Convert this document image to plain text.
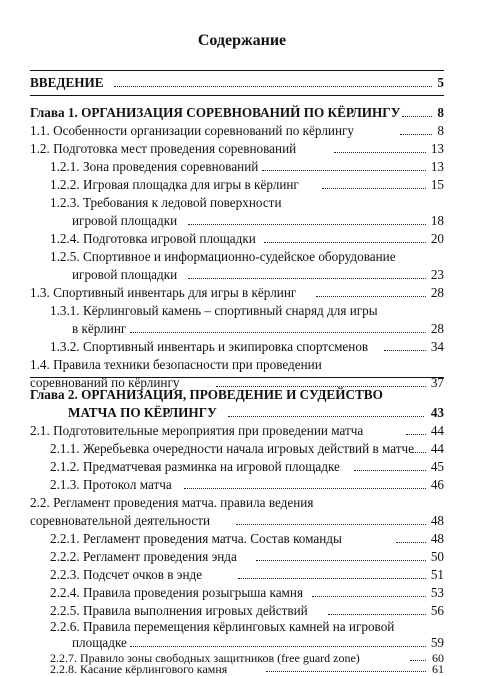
Содержание
ВВЕДЕНИЕ	5
Глава 1. ОРГАНИЗАЦИЯ СОРЕВНОВАНИЙ ПО КЁРЛИНГУ	8
1.1. Особенности организации соревнований по кёрлингу	8
1.2. Подготовка мест проведения соревнований	13
1.2.1. Зона проведения соревнований	13
1.2.2. Игровая площадка для игры в кёрлинг	15
1.2.3. Требования к ледовой поверхности
игровой площадки	18
1.2.4. Подготовка игровой площадки	20
1.2.5. Спортивное и информационно-судейское оборудование
игровой площадки	23
1.3. Спортивный инвентарь для игры в кёрлинг	28
1.3.1. Кёрлинговый камень – спортивный снаряд для игры
в кёрлинг	28
1.3.2. Спортивный инвентарь и экипировка спортсменов	34
1.4. Правила техники безопасности при проведении
соревнований по кёрлингу	37
Глава 2. ОРГАНИЗАЦИЯ, ПРОВЕДЕНИЕ И СУДЕЙСТВО
МАТЧА ПО КЁРЛИНГУ	43
2.1. Подготовительные мероприятия при проведении матча	44
2.1.1. Жеребьевка очередности начала игровых действий в матче 44
2.1.2. Предматчевая разминка на игровой площадке	45
2.1.3. Протокол матча	46
2.2. Регламент проведения матча. правила ведения
соревновательной деятельности	48
2.2.1. Регламент проведения матча. Состав команды	48
2.2.2. Регламент проведения энда	50
2.2.3. Подсчет очков в энде	51
2.2.4. Правила проведения розыгрыша камня	53
2.2.5. Правила выполнения игровых действий	56
2.2.6. Правила перемещения кёрлинговых камней на игровой
площадке	59
2.2.7. Правило зоны свободных защитников (free guard zone)	60
2.2.8. Касание кёрлингового камня	61
